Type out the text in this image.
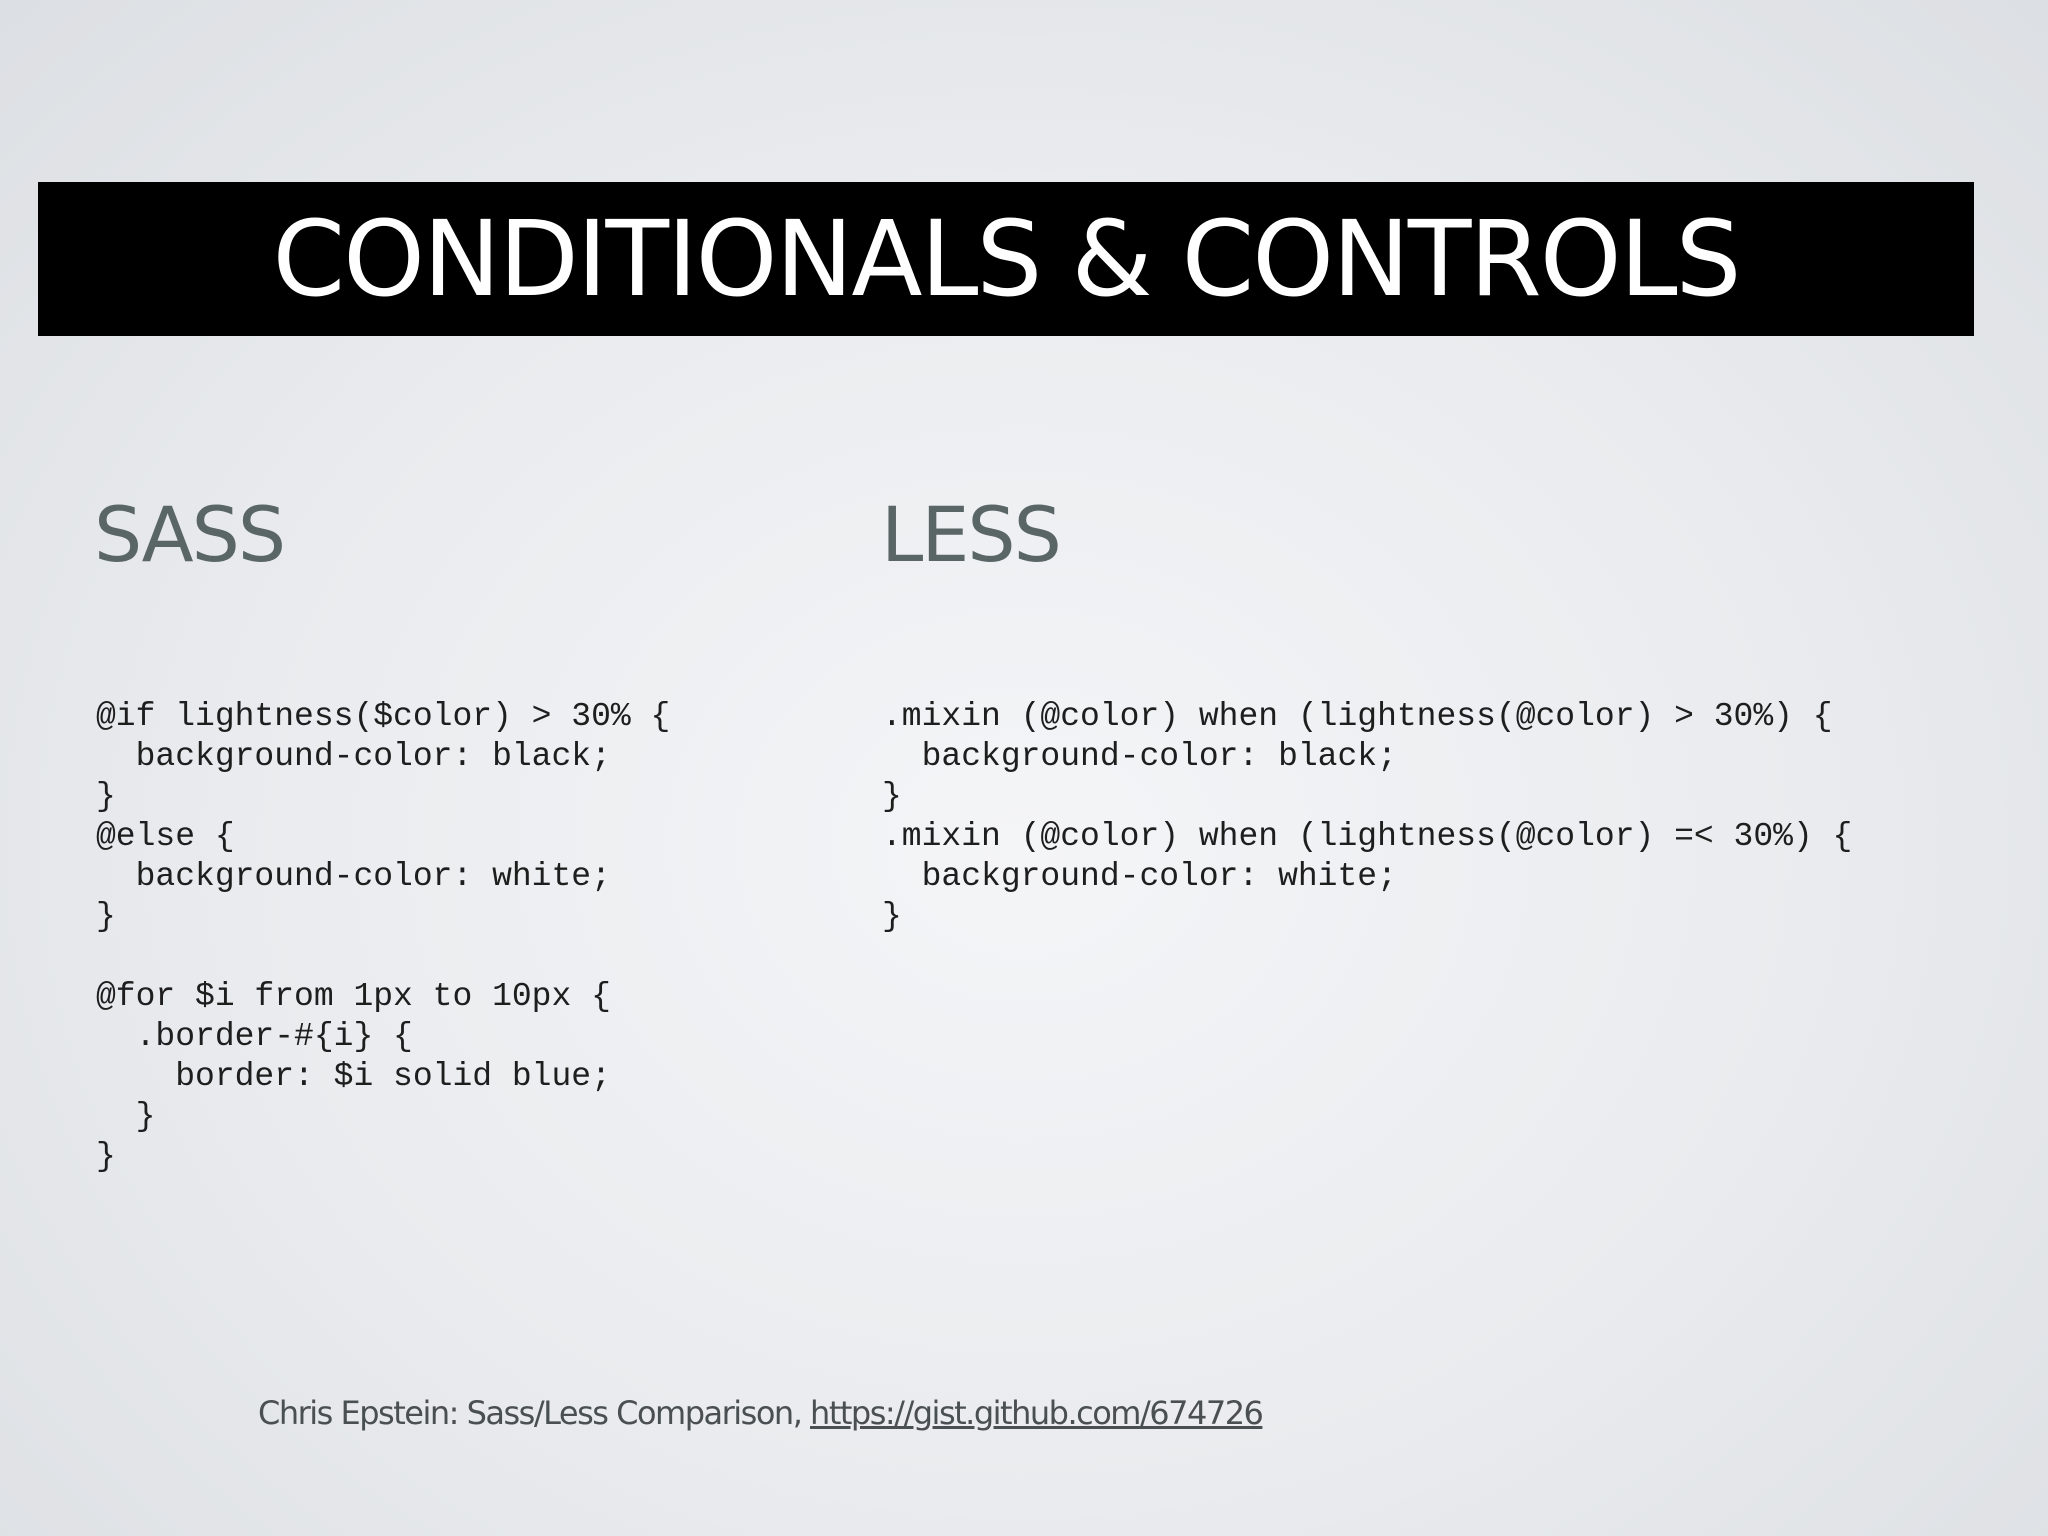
CONDITIONALS & CONTROLS
SASS	LESS
@if lightness($color) > 30% {
background-color: black;
}
@else {
background-color: white;
}
@for $i from 1px to 10px {
.border-#{i} {
border: $i solid blue;
}
}
.mixin (@color) when (lightness(@color) > 30%) {
background-color: black;
}
.mixin (@color) when (lightness(@color) =< 30%) {
background-color: white;
}
Chris Epstein: Sass/Less Comparison, https://gist.github.com/674726
